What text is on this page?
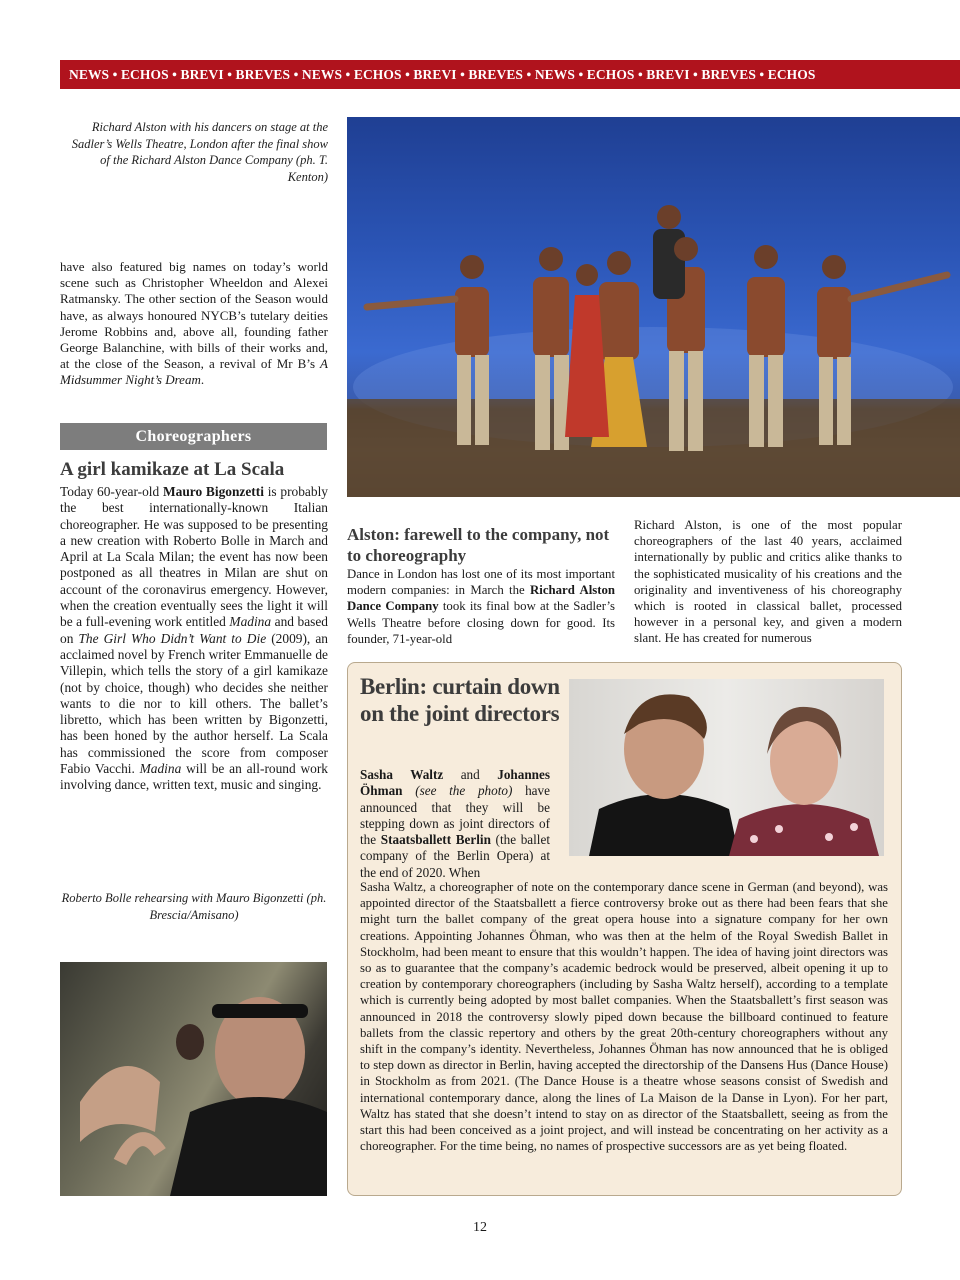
NEWS • ECHOS • BREVI • BREVES • NEWS • ECHOS • BREVI • BREVES • NEWS • ECHOS • BREVI • BREVES • ECHOS
Richard Alston with his dancers on stage at the Sadler’s Wells Theatre, London after the final show of the Richard Alston Dance Company (ph. T. Kenton)
have also featured big names on today’s world scene such as Christopher Wheeldon and Alexei Ratmansky. The other section of the Season would have, as always honoured NYCB’s tutelary deities Jerome Robbins and, above all, founding father George Balanchine, with bills of their works and, at the close of the Season, a revival of Mr B’s A Midsummer Night’s Dream.
Choreographers
A girl kamikaze at La Scala
Today 60-year-old Mauro Bigonzetti is probably the best internationally-known Italian choreographer. He was supposed to be presenting a new creation with Roberto Bolle in March and April at La Scala Milan; the event has now been postponed as all theatres in Milan are shut on account of the coronavirus emergency. However, when the creation eventually sees the light it will be a full-evening work entitled Madina and based on The Girl Who Didn’t Want to Die (2009), an acclaimed novel by French writer Emmanuelle de Villepin, which tells the story of a girl kamikaze (not by choice, though) who decides she neither wants to die nor to kill others. The ballet’s libretto, which has been written by Bigonzetti, has been honed by the author herself. La Scala has commissioned the score from composer Fabio Vacchi. Madina will be an all-round work involving dance, written text, music and singing.
Roberto Bolle rehearsing with Mauro Bigonzetti (ph. Brescia/Amisano)
Alston: farewell to the company, not to choreography
Dance in London has lost one of its most important modern companies: in March the Richard Alston Dance Company took its final bow at the Sadler’s Wells Theatre before closing down for good. Its founder, 71-year-old
Richard Alston, is one of the most popular choreographers of the last 40 years, acclaimed internationally by public and critics alike thanks to the sophisticated musicality of his creations and the originality and inventiveness of his choreography which is rooted in classical ballet, processed however in a personal key, and given a modern slant. He has created for numerous
Berlin: curtain down on the joint directors
Sasha Waltz and Johannes Öhman (see the photo) have announced that they will be stepping down as joint directors of the Staatsballett Berlin (the ballet company of the Berlin Opera) at the end of 2020. When
Sasha Waltz, a choreographer of note on the contemporary dance scene in German (and beyond), was appointed director of the Staatsballett a fierce controversy broke out as there had been fears that she might turn the ballet company of the great opera house into a signature company for her own creations. Appointing Johannes Öhman, who was then at the helm of the Royal Swedish Ballet in Stockholm, had been meant to ensure that this wouldn’t happen. The idea of having joint directors was so as to guarantee that the company’s academic bedrock would be preserved, albeit opening it up to creation by contemporary choreographers (including by Sasha Waltz herself), according to a template which is currently being adopted by most ballet companies. When the Staatsballett’s first season was announced in 2018 the controversy slowly piped down because the billboard continued to feature ballets from the classic repertory and others by the great 20th-century choreographers without any shift in the company’s identity. Nevertheless, Johannes Öhman has now announced that he is obliged to step down as director in Berlin, having accepted the directorship of the Dansens Hus (Dance House) in Stockholm as from 2021. (The Dance House is a theatre whose seasons consist of Swedish and international contemporary dance, along the lines of La Maison de la Danse in Lyon). For her part, Waltz has stated that she doesn’t intend to stay on as director of the Staatsballett, seeing as from the start this had been conceived as a joint project, and will instead be concentrating on her activity as a choreographer. For the time being, no names of prospective successors are as yet being floated.
12
